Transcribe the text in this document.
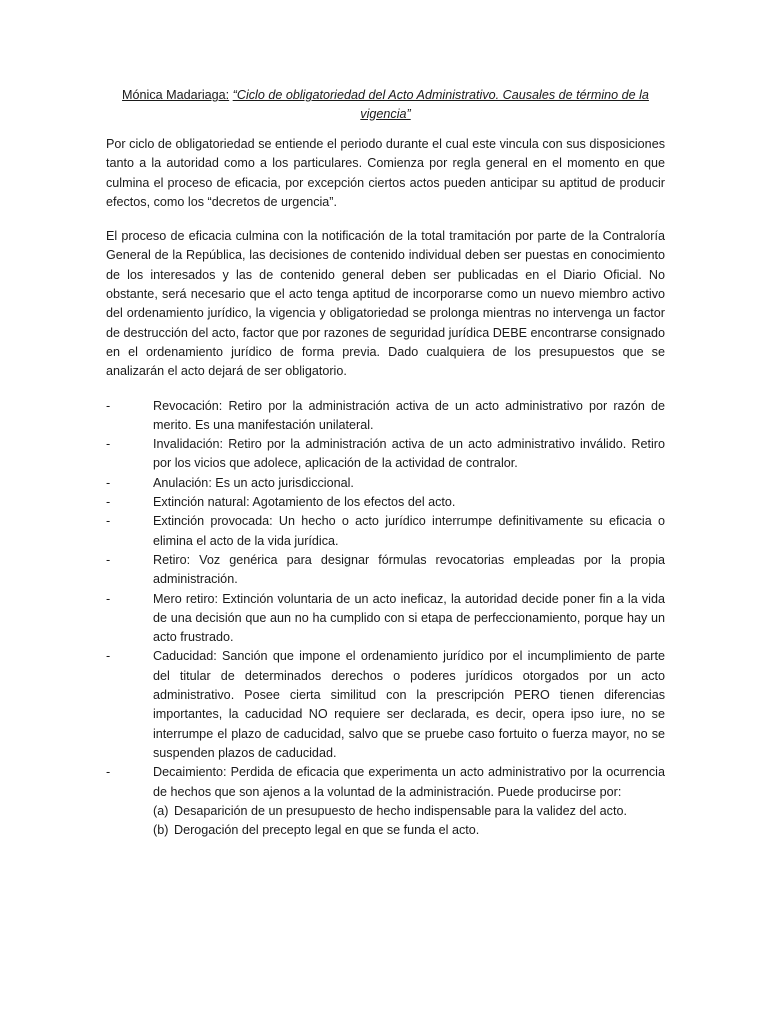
Mónica Madariaga: “Ciclo de obligatoriedad del Acto Administrativo. Causales de término de la vigencia”

Por ciclo de obligatoriedad se entiende el periodo durante el cual este vincula con sus disposiciones tanto a la autoridad como a los particulares. Comienza por regla general en el momento en que culmina el proceso de eficacia, por excepción ciertos actos pueden anticipar su aptitud de producir efectos, como los “decretos de urgencia”.

El proceso de eficacia culmina con la notificación de la total tramitación por parte de la Contraloría General de la República, las decisiones de contenido individual deben ser puestas en conocimiento de los interesados y las de contenido general deben ser publicadas en el Diario Oficial. No obstante, será necesario que el acto tenga aptitud de incorporarse como un nuevo miembro activo del ordenamiento jurídico, la vigencia y obligatoriedad se prolonga mientras no intervenga un factor de destrucción del acto, factor que por razones de seguridad jurídica DEBE encontrarse consignado en el ordenamiento jurídico de forma previa. Dado cualquiera de los presupuestos que se analizarán el acto dejará de ser obligatorio.

-	Revocación: Retiro por la administración activa de un acto administrativo por razón de merito. Es una manifestación unilateral.
-	Invalidación: Retiro por la administración activa de un acto administrativo inválido. Retiro por los vicios que adolece, aplicación de la actividad de contralor.
-	Anulación: Es un acto jurisdiccional.
-	Extinción natural: Agotamiento de los efectos del acto.
-	Extinción provocada: Un hecho o acto jurídico interrumpe definitivamente su eficacia o elimina el acto de la vida jurídica.
-	Retiro: Voz genérica para designar fórmulas revocatorias empleadas por la propia administración.
-	Mero retiro: Extinción voluntaria de un acto ineficaz, la autoridad decide poner fin a la vida de una decisión que aun no ha cumplido con si etapa de perfeccionamiento, porque hay un acto frustrado.
-	Caducidad: Sanción que impone el ordenamiento jurídico por el incumplimiento de parte del titular de determinados derechos o poderes jurídicos otorgados por un acto administrativo. Posee cierta similitud con la prescripción PERO tienen diferencias importantes, la caducidad NO requiere ser declarada, es decir, opera ipso iure, no se interrumpe el plazo de caducidad, salvo que se pruebe caso fortuito o fuerza mayor, no se suspenden plazos de caducidad.
-	Decaimiento: Perdida de eficacia que experimenta un acto administrativo por la ocurrencia de hechos que son ajenos a la voluntad de la administración. Puede producirse por:
(a) Desaparición de un presupuesto de hecho indispensable para la validez del acto.
(b) Derogación del precepto legal en que se funda el acto.
